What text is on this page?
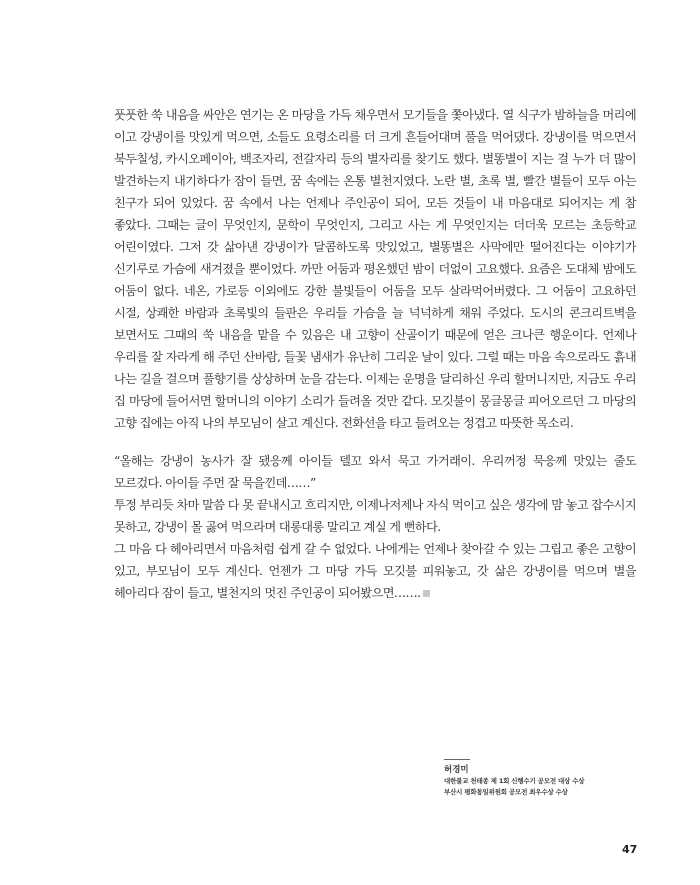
풋풋한 쑥 내음을 싸안은 연기는 온 마당을 가득 채우면서 모기들을 쫓아냈다. 열 식구가 밤하늘을 머리에 이고 강냉이를 맛있게 먹으면, 소들도 요령소리를 더 크게 흔들어대며 풀을 먹어댔다. 강냉이를 먹으면서 북두칠성, 카시오페이아, 백조자리, 전갈자리 등의 별자리를 찾기도 했다. 별똥별이 지는 걸 누가 더 많이 발견하는지 내기하다가 잠이 들면, 꿈 속에는 온통 별천지였다. 노란 별, 초록 별, 빨간 별들이 모두 아는 친구가 되어 있었다. 꿈 속에서 나는 언제나 주인공이 되어, 모든 것들이 내 마음대로 되어지는 게 참 좋았다. 그때는 글이 무엇인지, 문학이 무엇인지, 그리고 사는 게 무엇인지는 더더욱 모르는 초등학교 어린이였다. 그저 갓 삶아낸 강냉이가 달콤하도록 맛있었고, 별똥별은 사막에만 떨어진다는 이야기가 신기루로 가슴에 새겨졌을 뿐이었다. 까만 어둠과 평온했던 밤이 더없이 고요했다. 요즘은 도대체 밤에도 어둠이 없다. 네온, 가로등 이외에도 강한 불빛들이 어둠을 모두 살라먹어버렸다. 그 어둠이 고요하던 시절, 상쾌한 바람과 초록빛의 들판은 우리들 가슴을 늘 넉넉하게 채워 주었다. 도시의 콘크리트벽을 보면서도 그때의 쑥 내음을 맡을 수 있음은 내 고향이 산골이기 때문에 얻은 크나큰 행운이다. 언제나 우리를 잘 자라게 해 주던 산바람, 들꽃 냄새가 유난히 그리운 날이 있다. 그럴 때는 마음 속으로라도 흙내 나는 길을 걸으며 풀향기를 상상하며 눈을 감는다. 이제는 운명을 달리하신 우리 할머니지만, 지금도 우리 집 마당에 들어서면 할머니의 이야기 소리가 들려올 것만 같다. 모깃불이 몽글몽글 피어오르던 그 마당의 고향 집에는 아직 나의 부모님이 살고 계신다. 전화선을 타고 들려오는 정겹고 따뜻한 목소리.

“올해는 강냉이 농사가 잘 됐응께 아이들 델꼬 와서 묵고 가거래이. 우리꺼정 묵응께 맛있는 줄도 모르겄다. 아이들 주먼 잘 묵을낀데……”

투정 부리듯 차마 말씀 다 못 끝내시고 흐리지만, 이제나저제나 자식 먹이고 싶은 생각에 맘 놓고 잡수시지 못하고, 강냉이 몰 곯여 먹으라며 대롱대롱 말리고 계실 게 뻔하다.

그 마음 다 헤아리면서 마음처럼 쉽게 갈 수 없었다. 나에게는 언제나 찾아갈 수 있는 그립고 좋은 고향이 있고, 부모님이 모두 계신다. 언젠가 그 마당 가득 모깃불 피워놓고, 갓 삶은 강냉이를 먹으며 별을 헤아리다 잠이 들고, 별천지의 멋진 주인공이 되어봤으면…….

허경미
대한불교 천태종 제 1회 신행수기 공모전 대상 수상
부산시 평화통일위원회 공모전 최우수상 수상
47
